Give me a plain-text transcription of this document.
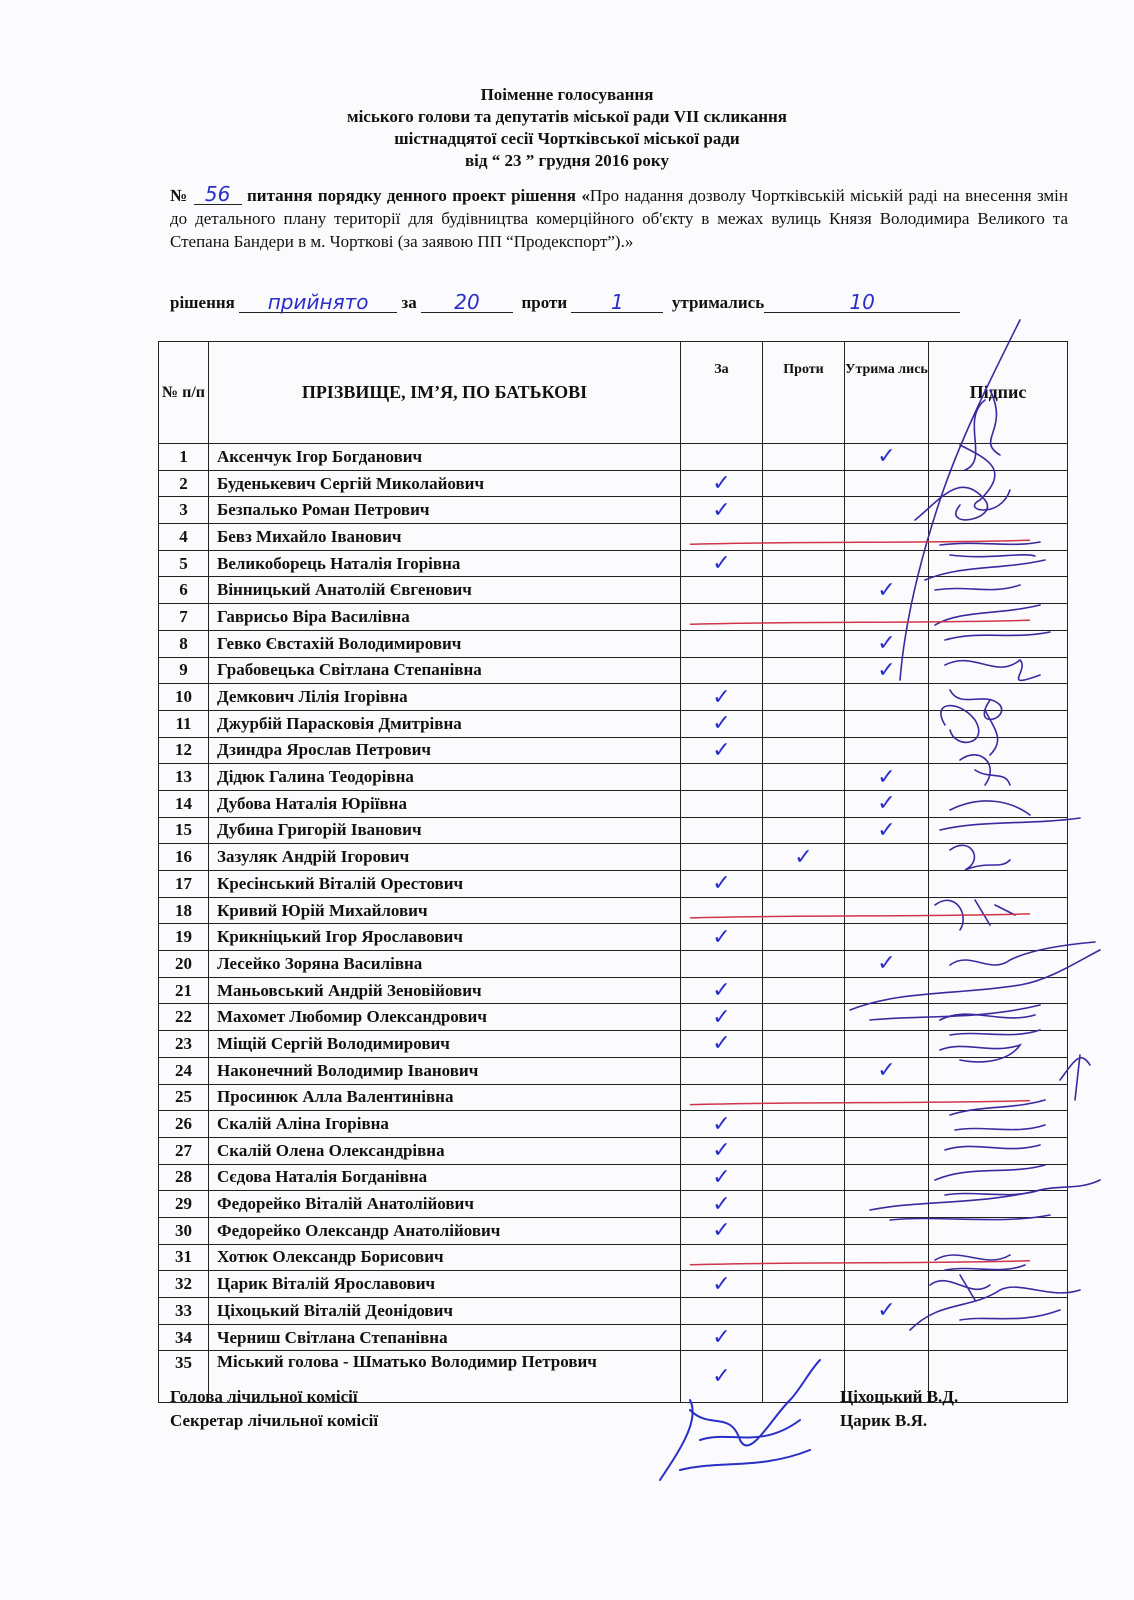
Поіменне голосування
міського голови та депутатів міської ради VII скликання
шістнадцятої сесії Чортківської міської ради
від “ 23 ” грудня 2016 року
№ 56 питання порядку денного проект рішення «Про надання дозволу Чортківській міській раді на внесення змін до детального плану території для будівництва комерційного об'єкту в межах вулиць Князя Володимира Великого та Степана Бандери в м. Чорткові (за заявою ПП “Продекспорт”).»
рішення прийнято за 20 проти 1	утримались	10
№ п/п	ПРІЗВИЩЕ, ІМ’Я, ПО БАТЬКОВІ	За	Проти	Утрима лись	Підпис
1	Аксенчук Ігор Богданович			✓	
2	Буденькевич Сергій Миколайович	✓			
3	Безпалько Роман Петрович	✓			
4	Бевз Михайло Іванович				
5	Великоборець Наталія Ігорівна	✓			
6	Вінницький Анатолій Євгенович			✓	
7	Гаврисьо Віра Василівна				
8	Гевко Євстахій Володимирович			✓	
9	Грабовецька Світлана Степанівна			✓	
10	Демкович Лілія Ігорівна	✓			
11	Джурбій Парасковія Дмитрівна	✓			
12	Дзиндра Ярослав Петрович	✓			
13	Дідюк Галина Теодорівна			✓	
14	Дубова Наталія Юріївна			✓	
15	Дубина Григорій Іванович			✓	
16	Зазуляк Андрій Ігорович		✓		
17	Кресінський Віталій Орестович	✓			
18	Кривий Юрій Михайлович				
19	Крикніцький Ігор Ярославович	✓			
20	Лесейко Зоряна Василівна			✓	
21	Маньовський Андрій Зеновійович	✓			
22	Махомет Любомир Олександрович	✓			
23	Міщій Сергій Володимирович	✓			
24	Наконечний Володимир Іванович			✓	
25	Просинюк Алла Валентинівна				
26	Скалій Аліна Ігорівна	✓			
27	Скалій Олена Олександрівна	✓			
28	Сєдова Наталія Богданівна	✓			
29	Федорейко Віталій Анатолійович	✓			
30	Федорейко Олександр Анатолійович	✓			
31	Хотюк Олександр Борисович				
32	Царик Віталій Ярославович	✓			
33	Ціхоцький Віталій Деонідович			✓	
34	Черниш Світлана Степанівна	✓			
35	Міський голова - Шматько Володимир Петрович	✓			
Голова лічильної комісії	Ціхоцький В.Д.
Секретар лічильної комісії	Царик В.Я.
